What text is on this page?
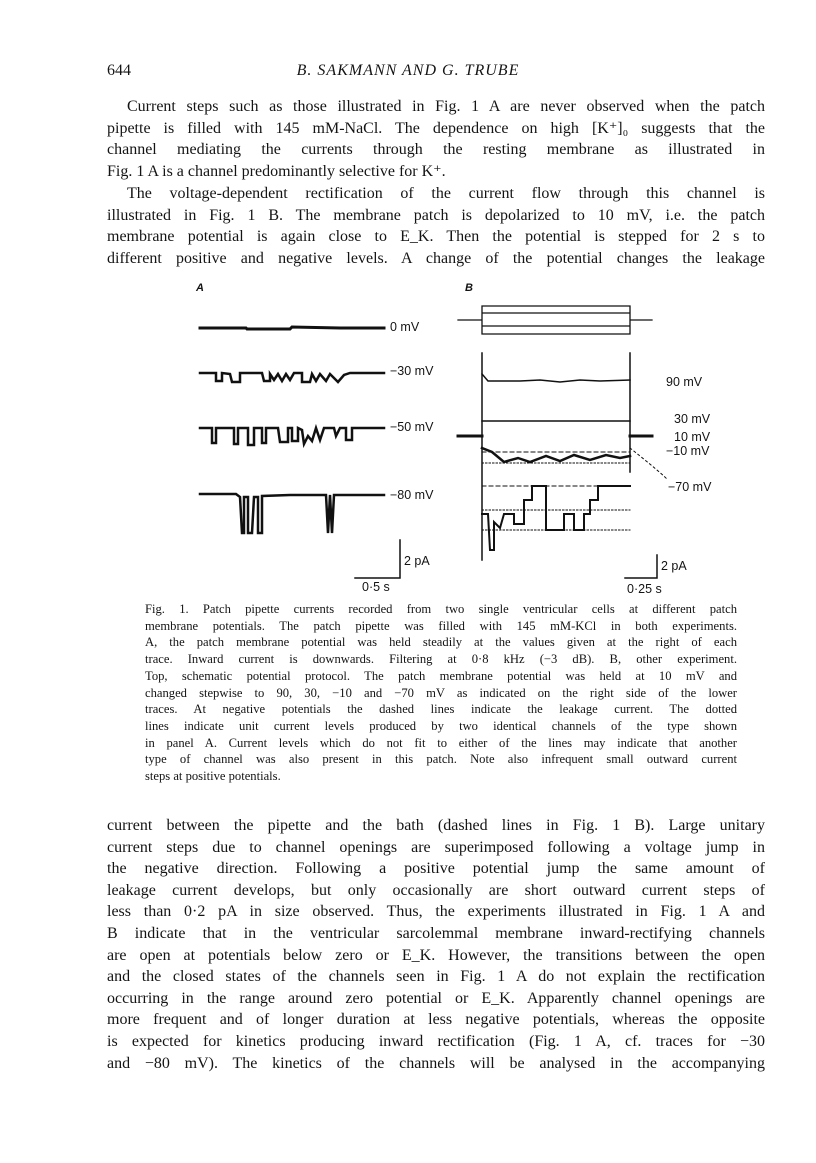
644	B. SAKMANN AND G. TRUBE
Current steps such as those illustrated in Fig. 1 A are never observed when the patch
pipette is filled with 145 mM-NaCl. The dependence on high [K⁺]₀ suggests that the
channel mediating the currents through the resting membrane as illustrated in
Fig. 1 A is a channel predominantly selective for K⁺.
The voltage-dependent rectification of the current flow through this channel is
illustrated in Fig. 1 B. The membrane patch is depolarized to 10 mV, i.e. the patch
membrane potential is again close to E_K. Then the potential is stepped for 2 s to
different positive and negative levels. A change of the potential changes the leakage
A	B
0 mV
−30 mV
−50 mV
−80 mV
90 mV
30 mV
10 mV
−10 mV
−70 mV
2 pA
0·5 s
2 pA
0·25 s
Fig. 1. Patch pipette currents recorded from two single ventricular cells at different patch
membrane potentials. The patch pipette was filled with 145 mM-KCl in both experiments.
A, the patch membrane potential was held steadily at the values given at the right of each
trace. Inward current is downwards. Filtering at 0·8 kHz (−3 dB). B, other experiment.
Top, schematic potential protocol. The patch membrane potential was held at 10 mV and
changed stepwise to 90, 30, −10 and −70 mV as indicated on the right side of the lower
traces. At negative potentials the dashed lines indicate the leakage current. The dotted
lines indicate unit current levels produced by two identical channels of the type shown
in panel A. Current levels which do not fit to either of the lines may indicate that another
type of channel was also present in this patch. Note also infrequent small outward current
steps at positive potentials.
current between the pipette and the bath (dashed lines in Fig. 1 B). Large unitary
current steps due to channel openings are superimposed following a voltage jump in
the negative direction. Following a positive potential jump the same amount of
leakage current develops, but only occasionally are short outward current steps of
less than 0·2 pA in size observed. Thus, the experiments illustrated in Fig. 1 A and
B indicate that in the ventricular sarcolemmal membrane inward-rectifying channels
are open at potentials below zero or E_K. However, the transitions between the open
and the closed states of the channels seen in Fig. 1 A do not explain the rectification
occurring in the range around zero potential or E_K. Apparently channel openings are
more frequent and of longer duration at less negative potentials, whereas the opposite
is expected for kinetics producing inward rectification (Fig. 1 A, cf. traces for −30
and −80 mV). The kinetics of the channels will be analysed in the accompanying
